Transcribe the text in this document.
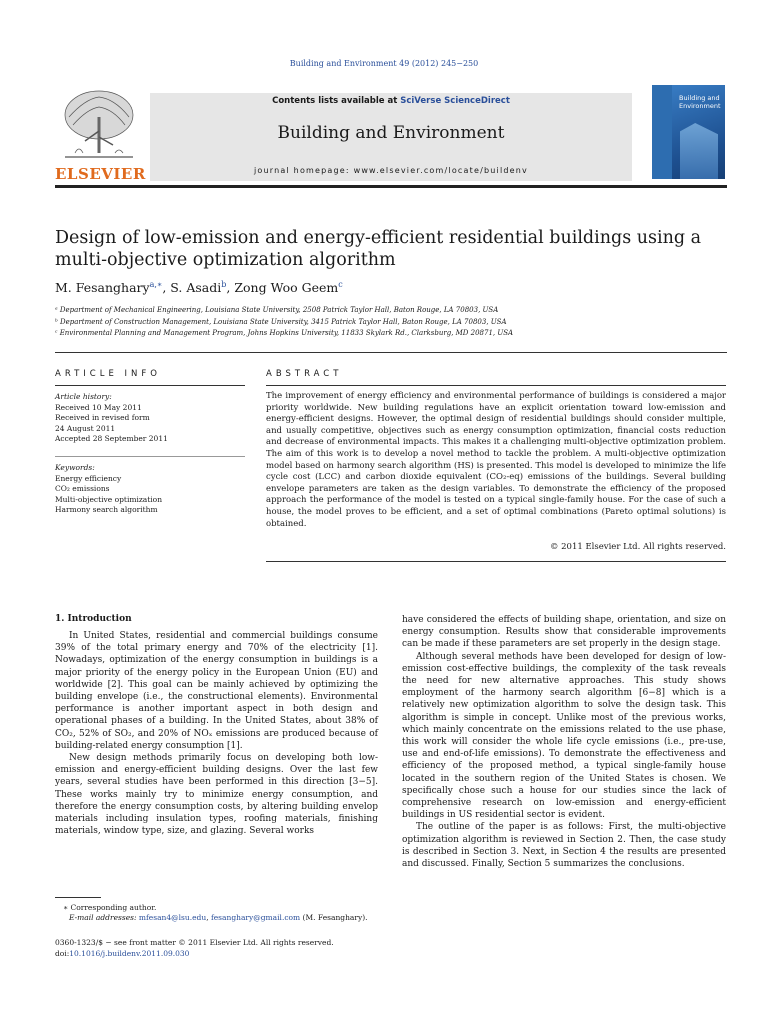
Building and Environment 49 (2012) 245−250
ELSEVIER
Contents lists available at SciVerse ScienceDirect
Building and Environment
journal homepage: www.elsevier.com/locate/buildenv
Building and
Environment
Design of low-emission and energy-efficient residential buildings using a multi-objective optimization algorithm
M. Fesanghary$^{a,∗}$, S. Asadi$^b$, Zong Woo Geem$^c$
ᵃ Department of Mechanical Engineering, Louisiana State University, 2508 Patrick Taylor Hall, Baton Rouge, LA 70803, USA
ᵇ Department of Construction Management, Louisiana State University, 3415 Patrick Taylor Hall, Baton Rouge, LA 70803, USA
ᶜ Environmental Planning and Management Program, Johns Hopkins University, 11833 Skylark Rd., Clarksburg, MD 20871, USA
ARTICLE INFO	ABSTRACT
Article history:
Received 10 May 2011
Received in revised form
24 August 2011
Accepted 28 September 2011
Keywords:
Energy efficiency
CO₂ emissions
Multi-objective optimization
Harmony search algorithm
The improvement of energy efficiency and environmental performance of buildings is considered a major priority worldwide. New building regulations have an explicit orientation toward low-emission and energy-efficient designs. However, the optimal design of residential buildings should consider multiple, and usually competitive, objectives such as energy consumption optimization, financial costs reduction and decrease of environmental impacts. This makes it a challenging multi-objective optimization problem. The aim of this work is to develop a novel method to tackle the problem. A multi-objective optimization model based on harmony search algorithm (HS) is presented. This model is developed to minimize the life cycle cost (LCC) and carbon dioxide equivalent (CO₂-eq) emissions of the buildings. Several building envelope parameters are taken as the design variables. To demonstrate the efficiency of the proposed approach the performance of the model is tested on a typical single-family house. For the case of such a house, the model proves to be efficient, and a set of optimal combinations (Pareto optimal solutions) is obtained.
© 2011 Elsevier Ltd. All rights reserved.
1. Introduction

In United States, residential and commercial buildings consume 39% of the total primary energy and 70% of the electricity [1]. Nowadays, optimization of the energy consumption in buildings is a major priority of the energy policy in the European Union (EU) and worldwide [2]. This goal can be mainly achieved by optimizing the building envelope (i.e., the constructional elements). Environmental performance is another important aspect in both design and operational phases of a building. In the United States, about 38% of CO₂, 52% of SO₂, and 20% of NOₓ emissions are produced because of building-related energy consumption [1].

New design methods primarily focus on developing both low-emission and energy-efficient building designs. Over the last few years, several studies have been performed in this direction [3−5]. These works mainly try to minimize energy consumption, and therefore the energy consumption costs, by altering building envelop materials including insulation types, roofing materials, finishing materials, window type, size, and glazing. Several works

have considered the effects of building shape, orientation, and size on energy consumption. Results show that considerable improvements can be made if these parameters are set properly in the design stage.

Although several methods have been developed for design of low-emission cost-effective buildings, the complexity of the task reveals the need for new alternative approaches. This study shows employment of the harmony search algorithm [6−8] which is a relatively new optimization algorithm to solve the design task. This algorithm is simple in concept. Unlike most of the previous works, which mainly concentrate on the emissions related to the use phase, this work will consider the whole life cycle emissions (i.e., pre-use, use and end-of-life emissions). To demonstrate the effectiveness and efficiency of the proposed method, a typical single-family house located in the southern region of the United States is chosen. We specifically chose such a house for our studies since the lack of comprehensive research on low-emission and energy-efficient buildings in US residential sector is evident.

The outline of the paper is as follows: First, the multi-objective optimization algorithm is reviewed in Section 2. Then, the case study is described in Section 3. Next, in Section 4 the results are presented and discussed. Finally, Section 5 summarizes the conclusions.

∗ Corresponding author.
E-mail addresses: mfesan4@lsu.edu, fesanghary@gmail.com (M. Fesanghary).
0360-1323/$ − see front matter © 2011 Elsevier Ltd. All rights reserved.
doi:10.1016/j.buildenv.2011.09.030
